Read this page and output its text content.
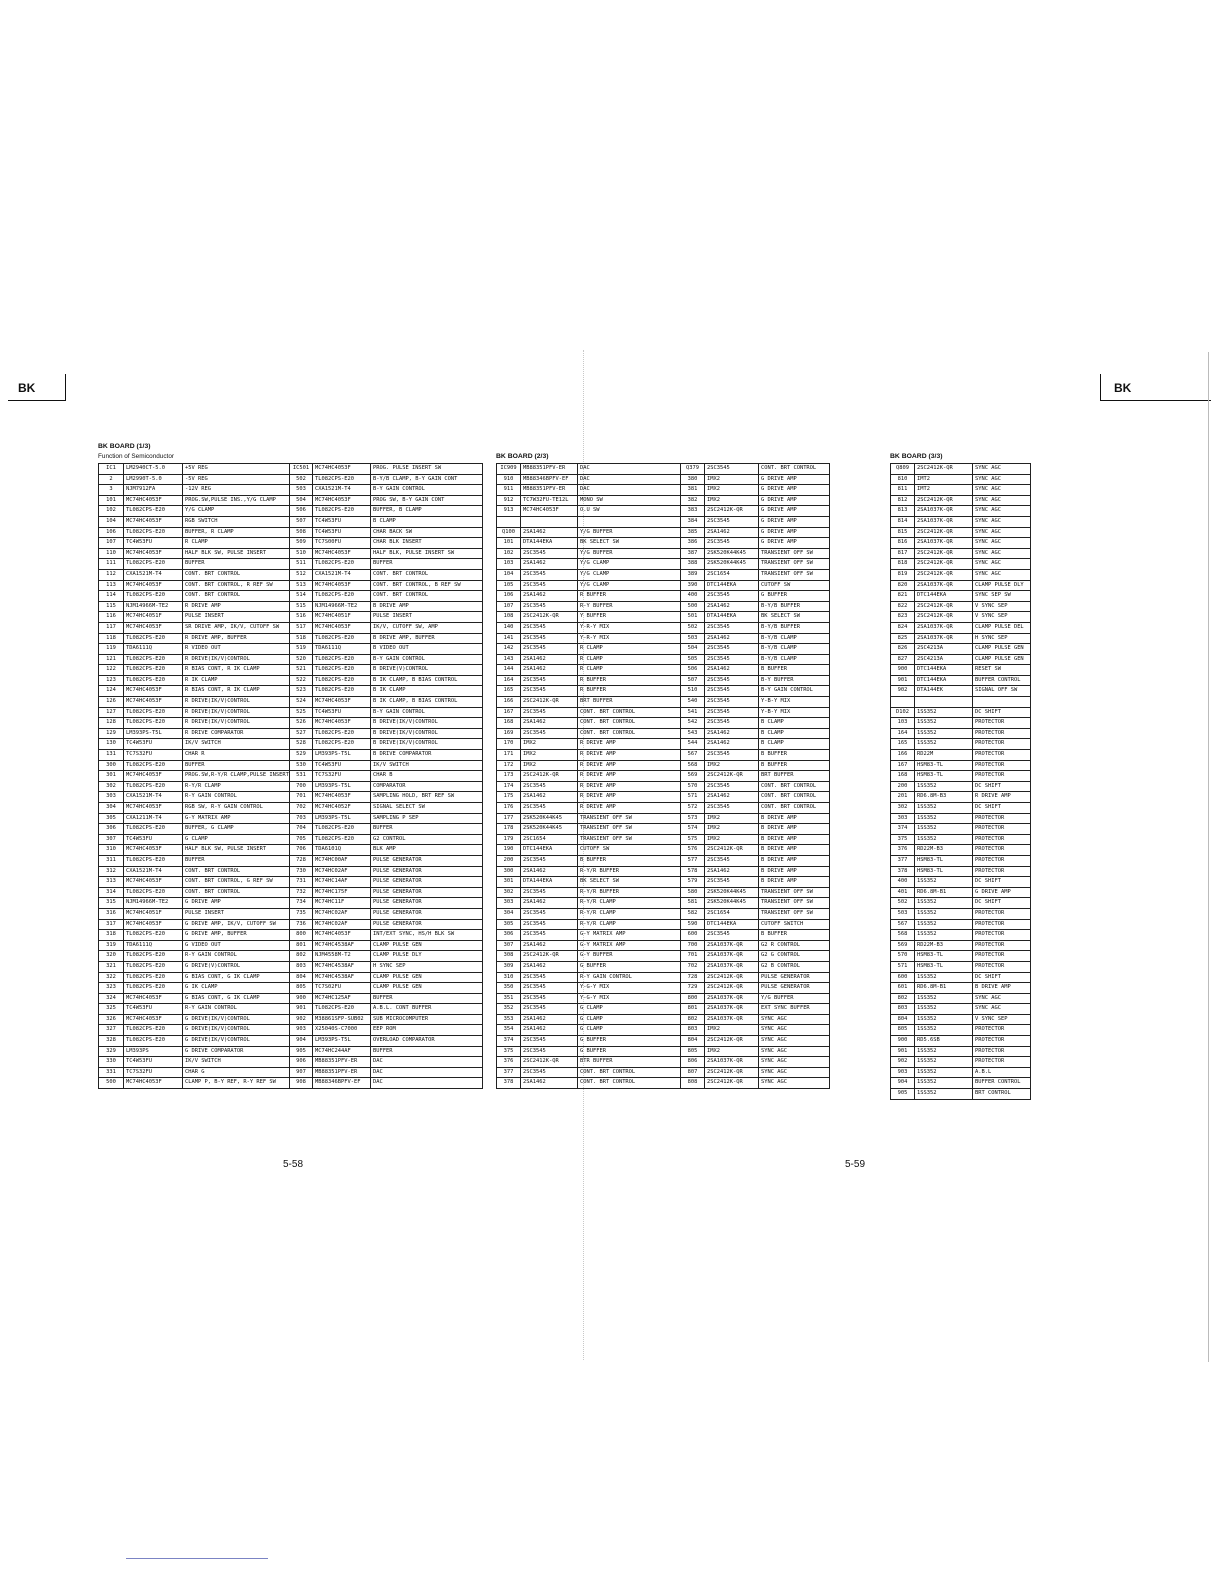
BK	BK
BK BOARD (1/3)
Function of Semiconductor	BK BOARD (2/3)	BK BOARD (3/3)
IC1	LM2940CT-5.0	+5V REG	IC501	MC74HC4053F	PROG. PULSE INSERT SW
2	LM2990T-5.0	-5V REG	502	TL082CPS-E20	B-Y/B CLAMP, B-Y GAIN CONT
3	NJM7912FA	-12V REG	503	CXA1521M-T4	B-Y GAIN CONTROL
101	MC74HC4053F	PROG.SW,PULSE INS.,Y/G CLAMP	504	MC74HC4053F	PROG SW, B-Y GAIN CONT
102	TL082CPS-E20	Y/G CLAMP	506	TL082CPS-E20	BUFFER, B CLAMP
104	MC74HC4053F	RGB SWITCH	507	TC4W53FU	B CLAMP
106	TL082CPS-E20	BUFFER, R CLAMP	508	TC4W53FU	CHAR BACK SW
107	TC4W53FU	R CLAMP	509	TC7S00FU	CHAR BLK INSERT
110	MC74HC4053F	HALF BLK SW, PULSE INSERT	510	MC74HC4053F	HALF BLK, PULSE INSERT SW
111	TL082CPS-E20	BUFFER	511	TL082CPS-E20	BUFFER
112	CXA1521M-T4	CONT. BRT CONTROL	512	CXA1521M-T4	CONT. BRT CONTROL
113	MC74HC4053F	CONT. BRT CONTROL, R REF SW	513	MC74HC4053F	CONT. BRT CONTROL, B REF SW
114	TL082CPS-E20	CONT. BRT CONTROL	514	TL082CPS-E20	CONT. BRT CONTROL
115	NJM14966M-TE2	R DRIVE AMP	515	NJM14966M-TE2	B DRIVE AMP
116	MC74HC4051F	PULSE INSERT	516	MC74HC4051F	PULSE INSERT
117	MC74HC4053F	SR DRIVE AMP, IK/V, CUTOFF SW	517	MC74HC4053F	IK/V, CUTOFF SW, AMP
118	TL082CPS-E20	R DRIVE AMP, BUFFER	518	TL082CPS-E20	B DRIVE AMP, BUFFER
119	TDA6111Q	R VIDEO OUT	519	TDA6111Q	B VIDEO OUT
121	TL082CPS-E20	R DRIVE(IK/V)CONTROL	520	TL082CPS-E20	B-Y GAIN CONTROL
122	TL082CPS-E20	R BIAS CONT, R IK CLAMP	521	TL082CPS-E20	B DRIVE(V)CONTROL
123	TL082CPS-E20	R IK CLAMP	522	TL082CPS-E20	B IK CLAMP, B BIAS CONTROL
124	MC74HC4053F	R BIAS CONT, R IK CLAMP	523	TL082CPS-E20	B IK CLAMP
126	MC74HC4053F	R DRIVE(IK/V)CONTROL	524	MC74HC4053F	B IK CLAMP, B BIAS CONTROL
127	TL082CPS-E20	R DRIVE(IK/V)CONTROL	525	TC4W53FU	B-Y GAIN CONTROL
128	TL082CPS-E20	R DRIVE(IK/V)CONTROL	526	MC74HC4053F	B DRIVE(IK/V)CONTROL
129	LM393PS-T5L	R DRIVE COMPARATOR	527	TL082CPS-E20	B DRIVE(IK/V)CONTROL
130	TC4W53FU	IK/V SWITCH	528	TL082CPS-E20	B DRIVE(IK/V)CONTROL
131	TC7S32FU	CHAR R	529	LM393PS-T5L	B DRIVE COMPARATOR
300	TL082CPS-E20	BUFFER	530	TC4W53FU	IK/V SWITCH
301	MC74HC4053F	PROG.SW,R-Y/R CLAMP,PULSE INSERT	531	TC7S32FU	CHAR B
302	TL082CPS-E20	R-Y/R CLAMP	700	LM393PS-T5L	COMPARATOR
303	CXA1521M-T4	R-Y GAIN CONTROL	701	MC74HC4053F	SAMPLING HOLD, BRT REF SW
304	MC74HC4053F	RGB SW, R-Y GAIN CONTROL	702	MC74HC4052F	SIGNAL SELECT SW
305	CXA1211M-T4	G-Y MATRIX AMP	703	LM393PS-T5L	SAMPLING P SEP
306	TL082CPS-E20	BUFFER, G CLAMP	704	TL082CPS-E20	BUFFER
307	TC4W53FU	G CLAMP	705	TL082CPS-E20	G2 CONTROL
310	MC74HC4053F	HALF BLK SW, PULSE INSERT	706	TDA6101Q	BLK AMP
311	TL082CPS-E20	BUFFER	728	MC74HC00AF	PULSE GENERATOR
312	CXA1521M-T4	CONT. BRT CONTROL	730	MC74HC02AF	PULSE GENERATOR
313	MC74HC4053F	CONT. BRT CONTROL, G REF SW	731	MC74HC14AF	PULSE GENERATOR
314	TL082CPS-E20	CONT. BRT CONTROL	732	MC74HC175F	PULSE GENERATOR
315	NJM14966M-TE2	G DRIVE AMP	734	MC74HC11F	PULSE GENERATOR
316	MC74HC4051F	PULSE INSERT	735	MC74HC02AF	PULSE GENERATOR
317	MC74HC4053F	G DRIVE AMP, IK/V, CUTOFF SW	736	MC74HC02AF	PULSE GENERATOR
318	TL082CPS-E20	G DRIVE AMP, BUFFER	800	MC74HC4053F	INT/EXT SYNC, HS/H BLK SW
319	TDA6111Q	G VIDEO OUT	801	MC74HC4538AF	CLAMP PULSE GEN
320	TL082CPS-E20	R-Y GAIN CONTROL	802	NJM4558M-T2	CLAMP PULSE DLY
321	TL082CPS-E20	G DRIVE(V)CONTROL	803	MC74HC4538AF	H SYNC SEP
322	TL082CPS-E20	G BIAS CONT, G IK CLAMP	804	MC74HC4538AF	CLAMP PULSE GEN
323	TL082CPS-E20	G IK CLAMP	805	TC7S02FU	CLAMP PULSE GEN
324	MC74HC4053F	G BIAS CONT, G IK CLAMP	900	MC74HC125AF	BUFFER
325	TC4W53FU	R-Y GAIN CONTROL	901	TL082CPS-E20	A.B.L. CONT BUFFER
326	MC74HC4053F	G DRIVE(IK/V)CONTROL	902	M38861SFP-SUB02	SUB MICROCOMPUTER
327	TL082CPS-E20	G DRIVE(IK/V)CONTROL	903	X25040S-C7000	EEP ROM
328	TL082CPS-E20	G DRIVE(IK/V)CONTROL	904	LM393PS-T5L	OVERLOAD COMPARATOR
329	LM393PS	G DRIVE COMPARATOR	905	MC74HC244AF	BUFFER
330	TC4W53FU	IK/V SWITCH	906	MB88351PFV-ER	DAC
331	TC7S32FU	CHAR G	907	MB88351PFV-ER	DAC
500	MC74HC4053F	CLAMP P, B-Y REF, R-Y REF SW	908	MB88346BPFV-EF	DAC
IC909	MB88351PFV-ER	DAC	Q379	2SC3545	CONT. BRT CONTROL
910	MB88346BPFV-EF	DAC	380	IMX2	G DRIVE AMP
911	MB88351PFV-ER	DAC	381	IMX2	G DRIVE AMP
912	TC7W32FU-TE12L	MONO SW	382	IMX2	G DRIVE AMP
913	MC74HC4053F	O.U SW	383	2SC2412K-QR	G DRIVE AMP
			384	2SC3545	G DRIVE AMP
Q100	2SA1462	Y/G BUFFER	385	2SA1462	G DRIVE AMP
101	DTA144EKA	BK SELECT SW	386	2SC3545	G DRIVE AMP
102	2SC3545	Y/G BUFFER	387	2SK520K44K45	TRANSIENT OFF SW
103	2SA1462	Y/G CLAMP	388	2SK520K44K45	TRANSIENT OFF SW
104	2SC3545	Y/G CLAMP	389	2SC1654	TRANSIENT OFF SW
105	2SC3545	Y/G CLAMP	390	DTC144EKA	CUTOFF SW
106	2SA1462	R BUFFER	400	2SC3545	G BUFFER
107	2SC3545	R-Y BUFFER	500	2SA1462	B-Y/B BUFFER
108	2SC2412K-QR	Y BUFFER	501	DTA144EKA	BK SELECT SW
140	2SC3545	Y-R-Y MIX	502	2SC3545	B-Y/B BUFFER
141	2SC3545	Y-R-Y MIX	503	2SA1462	B-Y/B CLAMP
142	2SC3545	R CLAMP	504	2SC3545	B-Y/B CLAMP
143	2SA1462	R CLAMP	505	2SC3545	B-Y/B CLAMP
144	2SA1462	R CLAMP	506	2SA1462	B BUFFER
164	2SC3545	R BUFFER	507	2SC3545	B-Y BUFFER
165	2SC3545	R BUFFER	510	2SC3545	B-Y GAIN CONTROL
166	2SC2412K-QR	BRT BUFFER	540	2SC3545	Y-B-Y MIX
167	2SC3545	CONT. BRT CONTROL	541	2SC3545	Y-B-Y MIX
168	2SA1462	CONT. BRT CONTROL	542	2SC3545	B CLAMP
169	2SC3545	CONT. BRT CONTROL	543	2SA1462	B CLAMP
170	IMX2	R DRIVE AMP	544	2SA1462	B CLAMP
171	IMX2	R DRIVE AMP	567	2SC3545	B BUFFER
172	IMX2	R DRIVE AMP	568	IMX2	B BUFFER
173	2SC2412K-QR	R DRIVE AMP	569	2SC2412K-QR	BRT BUFFER
174	2SC3545	R DRIVE AMP	570	2SC3545	CONT. BRT CONTROL
175	2SA1462	R DRIVE AMP	571	2SA1462	CONT. BRT CONTROL
176	2SC3545	R DRIVE AMP	572	2SC3545	CONT. BRT CONTROL
177	2SK520K44K45	TRANSIENT OFF SW	573	IMX2	B DRIVE AMP
178	2SK520K44K45	TRANSIENT OFF SW	574	IMX2	B DRIVE AMP
179	2SC1654	TRANSIENT OFF SW	575	IMX2	B DRIVE AMP
190	DTC144EKA	CUTOFF SW	576	2SC2412K-QR	B DRIVE AMP
200	2SC3545	B BUFFER	577	2SC3545	B DRIVE AMP
300	2SA1462	R-Y/R BUFFER	578	2SA1462	B DRIVE AMP
301	DTA144EKA	BK SELECT SW	579	2SC3545	B DRIVE AMP
302	2SC3545	R-Y/R BUFFER	580	2SK520K44K45	TRANSIENT OFF SW
303	2SA1462	R-Y/R CLAMP	581	2SK520K44K45	TRANSIENT OFF SW
304	2SC3545	R-Y/R CLAMP	582	2SC1654	TRANSIENT OFF SW
305	2SC3545	R-Y/R CLAMP	590	DTC144EKA	CUTOFF SWITCH
306	2SC3545	G-Y MATRIX AMP	600	2SC3545	B BUFFER
307	2SA1462	G-Y MATRIX AMP	700	2SA1037K-QR	G2 R CONTROL
308	2SC2412K-QR	G-Y BUFFER	701	2SA1037K-QR	G2 G CONTROL
309	2SA1462	G BUFFER	702	2SA1037K-QR	G2 B CONTROL
310	2SC3545	R-Y GAIN CONTROL	728	2SC2412K-QR	PULSE GENERATOR
350	2SC3545	Y-G-Y MIX	729	2SC2412K-QR	PULSE GENERATOR
351	2SC3545	Y-G-Y MIX	800	2SA1037K-QR	Y/G BUFFER
352	2SC3545	G CLAMP	801	2SA1037K-QR	EXT SYNC BUFFER
353	2SA1462	G CLAMP	802	2SA1037K-QR	SYNC AGC
354	2SA1462	G CLAMP	803	IMX2	SYNC AGC
374	2SC3545	G BUFFER	804	2SC2412K-QR	SYNC AGC
375	2SC3545	G BUFFER	805	IMX2	SYNC AGC
376	2SC2412K-QR	BTR BUFFER	806	2SA1037K-QR	SYNC AGC
377	2SC3545	CONT. BRT CONTROL	807	2SC2412K-QR	SYNC AGC
378	2SA1462	CONT. BRT CONTROL	808	2SC2412K-QR	SYNC AGC
Q809	2SC2412K-QR	SYNC AGC
810	IMT2	SYNC AGC
811	IMT2	SYNC AGC
812	2SC2412K-QR	SYNC AGC
813	2SA1037K-QR	SYNC AGC
814	2SA1037K-QR	SYNC AGC
815	2SC2412K-QR	SYNC AGC
816	2SA1037K-QR	SYNC AGC
817	2SC2412K-QR	SYNC AGC
818	2SC2412K-QR	SYNC AGC
819	2SC2412K-QR	SYNC AGC
820	2SA1037K-QR	CLAMP PULSE DLY
821	DTC144EKA	SYNC SEP SW
822	2SC2412K-QR	V SYNC SEP
823	2SC2412K-QR	V SYNC SEP
824	2SA1037K-QR	CLAMP PULSE DEL
825	2SA1037K-QR	H SYNC SEP
826	2SC4213A	CLAMP PULSE GEN
827	2SC4213A	CLAMP PULSE GEN
900	DTC144EKA	RESET SW
901	DTC144EKA	BUFFER CONTROL
902	DTA144EK	SIGNAL OFF SW

D102	1SS352	DC SHIFT
103	1SS352	PROTECTOR
164	1SS352	PROTECTOR
165	1SS352	PROTECTOR
166	RD22M	PROTECTOR
167	HSM83-TL	PROTECTOR
168	HSM83-TL	PROTECTOR
200	1SS352	DC SHIFT
201	RD6.8M-B3	R DRIVE AMP
302	1SS352	DC SHIFT
303	1SS352	PROTECTOR
374	1SS352	PROTECTOR
375	1SS352	PROTECTOR
376	RD22M-B3	PROTECTOR
377	HSM83-TL	PROTECTOR
378	HSM83-TL	PROTECTOR
400	1SS352	DC SHIFT
401	RD6.8M-B1	G DRIVE AMP
502	1SS352	DC SHIFT
503	1SS352	PROTECTOR
567	1SS352	PROTECTOR
568	1SS352	PROTECTOR
569	RD22M-B3	PROTECTOR
570	HSM83-TL	PROTECTOR
571	HSM83-TL	PROTECTOR
600	1SS352	DC SHIFT
601	RD6.8M-B1	B DRIVE AMP
802	1SS352	SYNC AGC
803	1SS352	SYNC AGC
804	1SS352	V SYNC SEP
805	1SS352	PROTECTOR
900	RD5.6SB	PROTECTOR
901	1SS352	PROTECTOR
902	1SS352	PROTECTOR
903	1SS352	A.B.L
904	1SS352	BUFFER CONTROL
905	1SS352	BRT CONTROL
5-58	5-59
